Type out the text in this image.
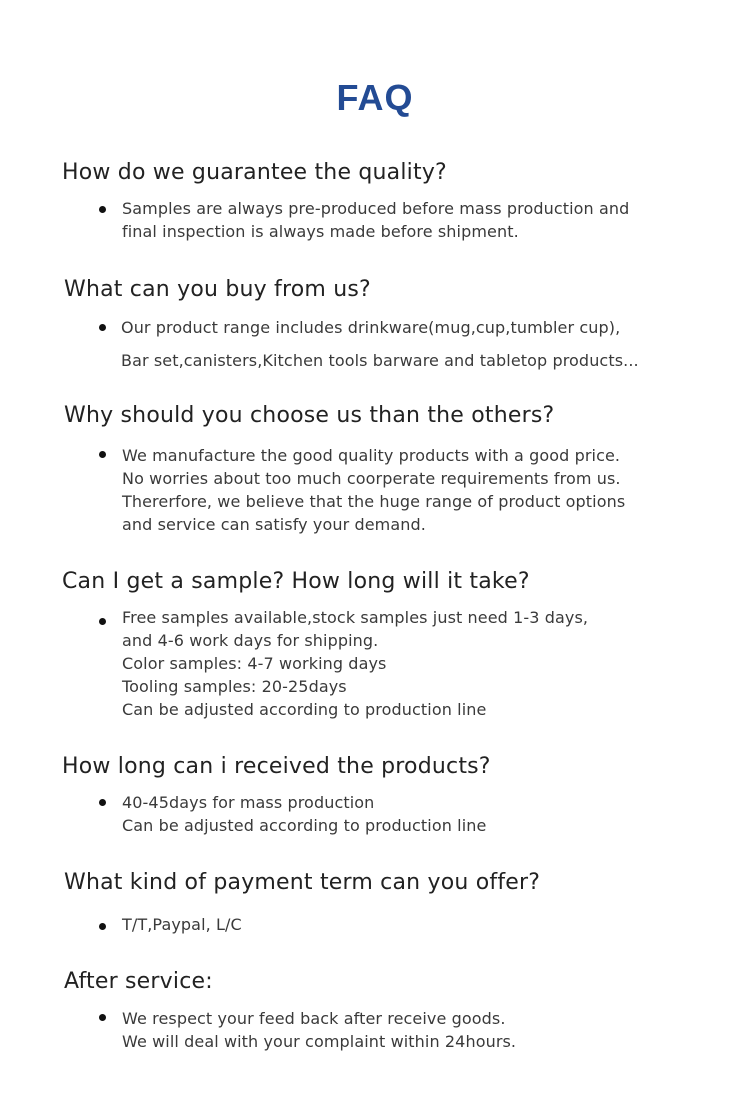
FAQ
How do we guarantee the quality?
Samples are always pre-produced before mass production and
final inspection is always made before shipment.
What can you buy from us?
Our product range includes drinkware(mug,cup,tumbler cup),
Bar set,canisters,Kitchen tools barware and tabletop products...
Why should you choose us than the others?
We manufacture the good quality products with a good price.
No worries about too much coorperate requirements from us.
Thererfore, we believe that the huge range of product options
and service can satisfy your demand.
Can I get a sample? How long will it take?
Free samples available,stock samples just need 1-3 days,
and 4-6 work days for shipping.
Color samples: 4-7 working days
Tooling samples: 20-25days
Can be adjusted according to production line
How long can i received the products?
40-45days for mass production
Can be adjusted according to production line
What kind of payment term can you offer?
T/T,Paypal, L/C
After service:
We respect your feed back after receive goods.
We will deal with your complaint within 24hours.
